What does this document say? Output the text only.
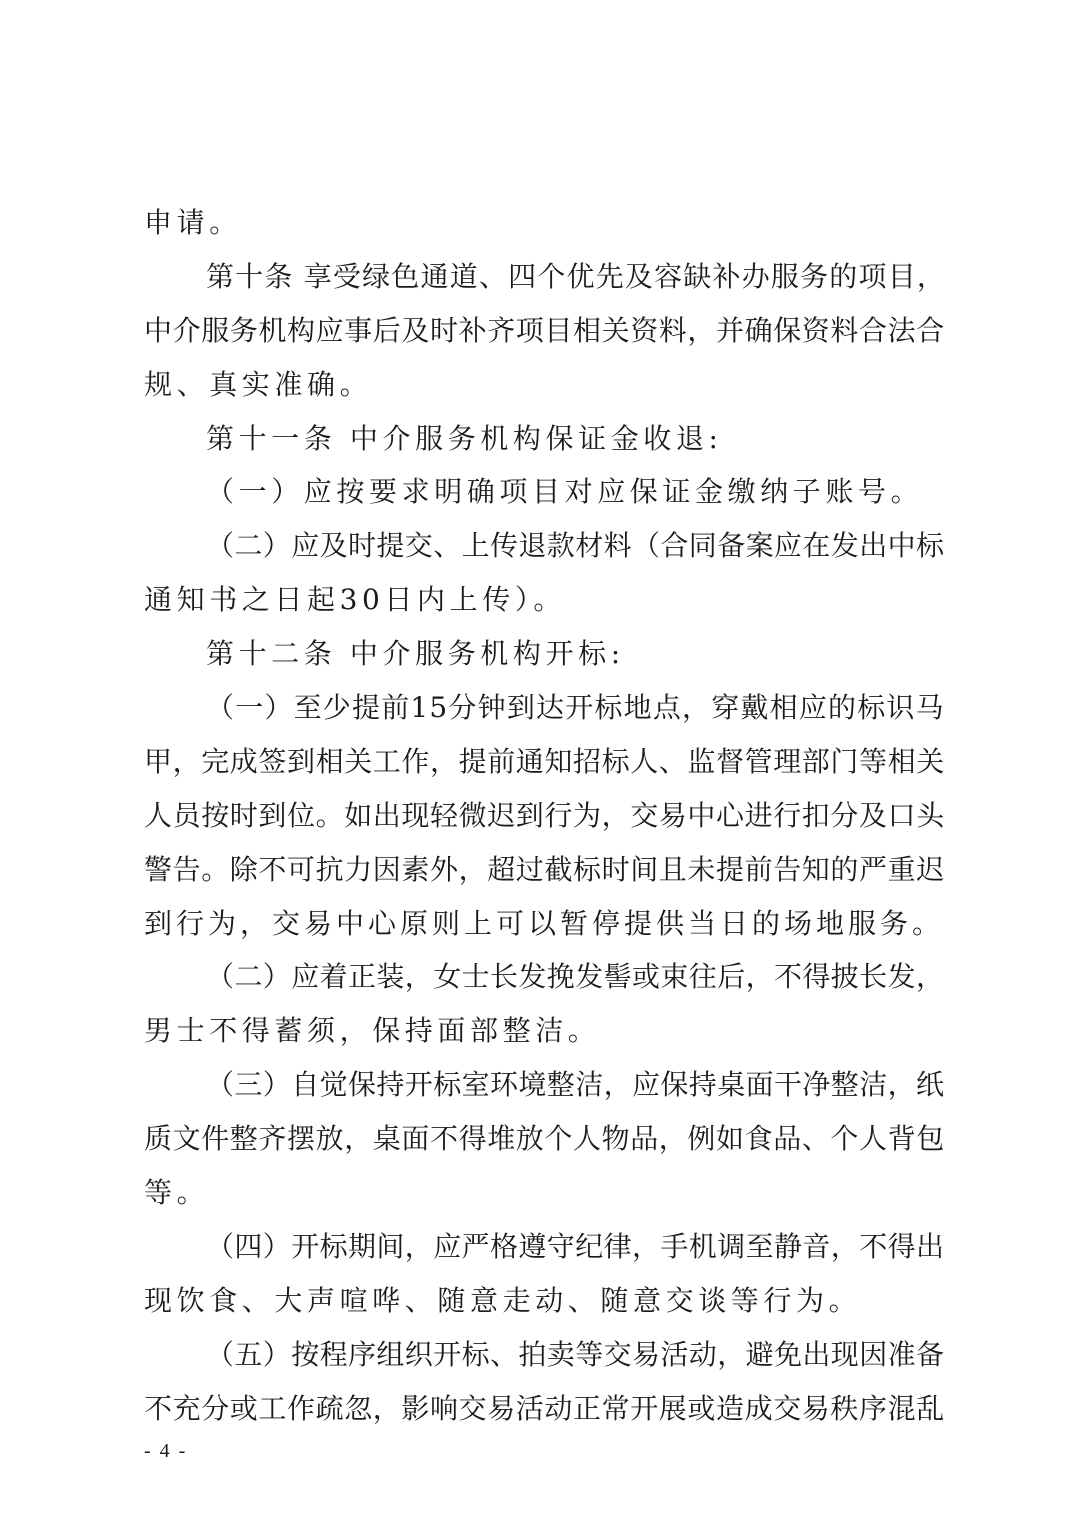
申请。
第十条 享受绿色通道、四个优先及容缺补办服务的项目，
中介服务机构应事后及时补齐项目相关资料，并确保资料合法合
规、真实准确。
第十一条 中介服务机构保证金收退:
（一）应按要求明确项目对应保证金缴纳子账号。
（二）应及时提交、上传退款材料（合同备案应在发出中标
通知书之日起30日内上传）。
第十二条 中介服务机构开标:
（一）至少提前15分钟到达开标地点，穿戴相应的标识马
甲，完成签到相关工作，提前通知招标人、监督管理部门等相关
人员按时到位。如出现轻微迟到行为，交易中心进行扣分及口头
警告。除不可抗力因素外，超过截标时间且未提前告知的严重迟
到行为，交易中心原则上可以暂停提供当日的场地服务。
（二）应着正装，女士长发挽发髻或束往后，不得披长发，
男士不得蓄须，保持面部整洁。
（三）自觉保持开标室环境整洁，应保持桌面干净整洁，纸
质文件整齐摆放，桌面不得堆放个人物品，例如食品、个人背包
等。
（四）开标期间，应严格遵守纪律，手机调至静音，不得出
现饮食、大声喧哗、随意走动、随意交谈等行为。
（五）按程序组织开标、拍卖等交易活动，避免出现因准备
不充分或工作疏忽，影响交易活动正常开展或造成交易秩序混乱
- 4 -
